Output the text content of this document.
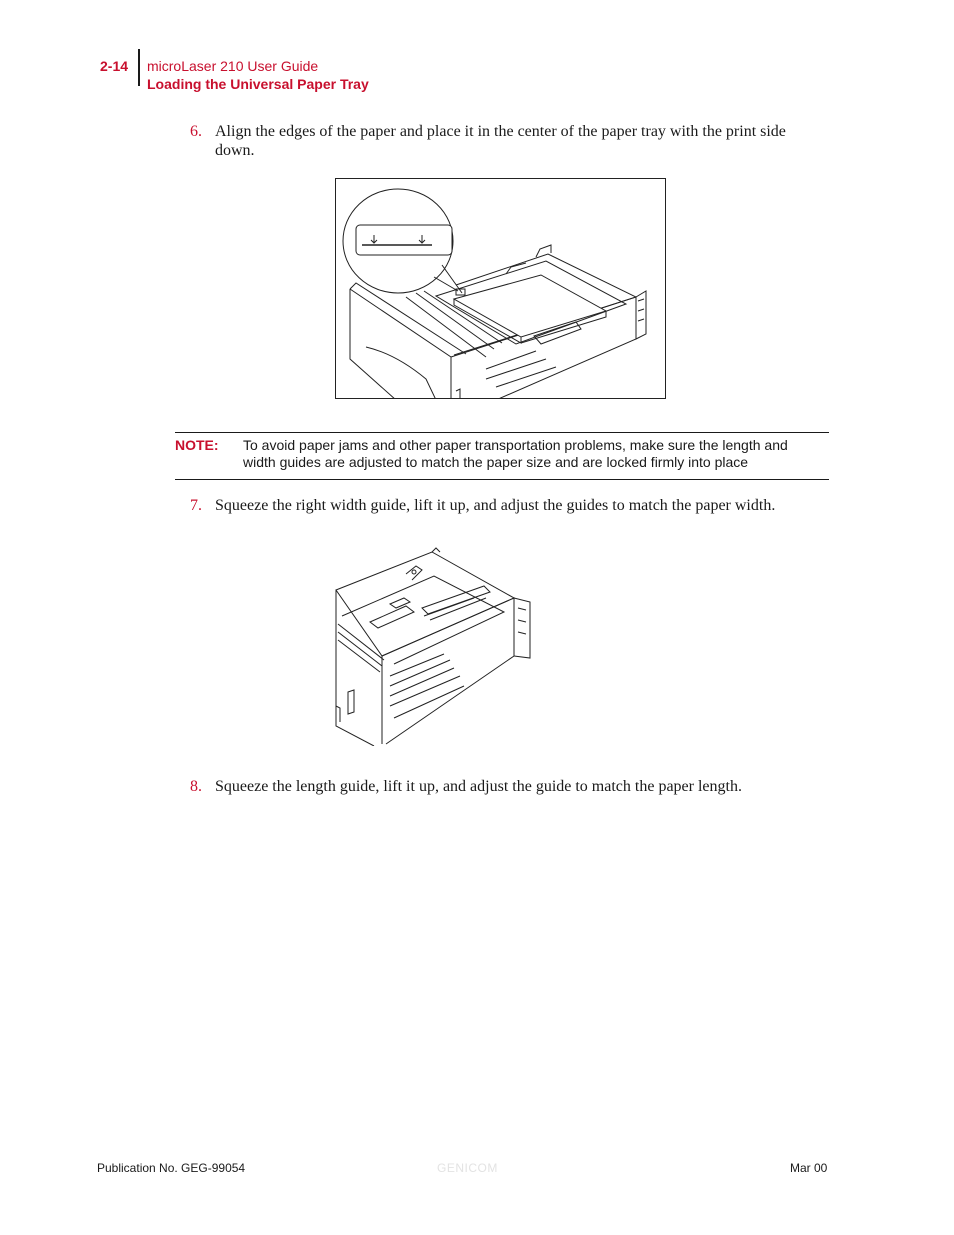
2-14 microLaser 210 User Guide
Loading the Universal Paper Tray
6. Align the edges of the paper and place it in the center of the paper tray with the print side down.
NOTE: To avoid paper jams and other paper transportation problems, make sure the length and width guides are adjusted to match the paper size and are locked firmly into place
7. Squeeze the right width guide, lift it up, and adjust the guides to match the paper width.
8. Squeeze the length guide, lift it up, and adjust the guide to match the paper length.
Publication No. GEG-99054	GENICOM	Mar 00
